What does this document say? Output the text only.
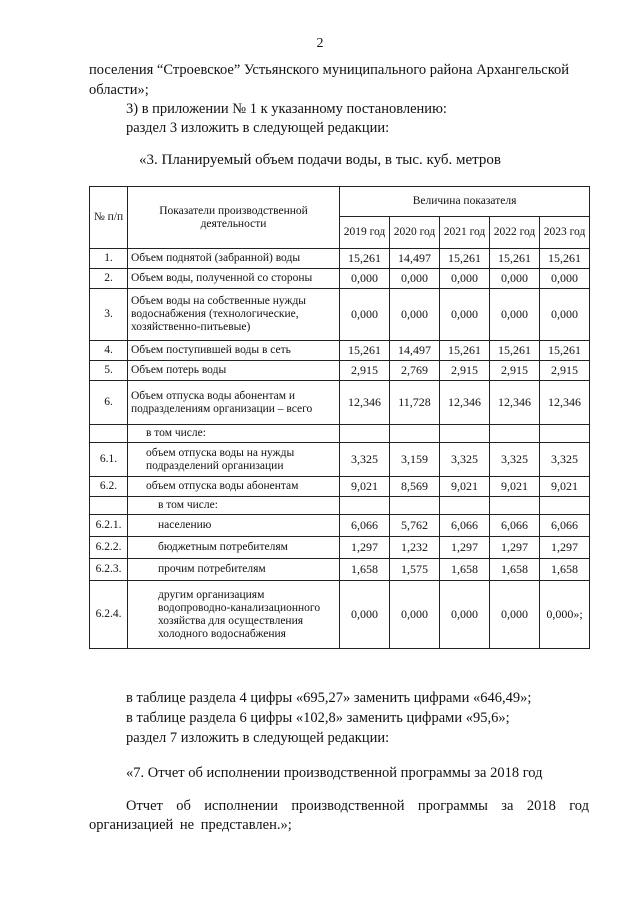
2
поселения “Строевское” Устьянского муниципального района Архангельской
области»;
3) в приложении № 1 к указанному постановлению:
раздел 3 изложить в следующей редакции:
«3. Планируемый объем подачи воды, в тыс. куб. метров
№ п/п	Показатели производственной деятельности	Величина показателя				
		2019 год	2020 год	2021 год	2022 год	2023 год
1.	Объем поднятой (забранной) воды	15,261	14,497	15,261	15,261	15,261
2.	Объем воды, полученной со стороны	0,000	0,000	0,000	0,000	0,000
3.	Объем воды на собственные нужды водоснабжения (технологические, хозяйственно-питьевые)	0,000	0,000	0,000	0,000	0,000
4.	Объем поступившей воды в сеть	15,261	14,497	15,261	15,261	15,261
5.	Объем потерь воды	2,915	2,769	2,915	2,915	2,915
6.	Объем отпуска воды абонентам и подразделениям организации – всего	12,346	11,728	12,346	12,346	12,346
	в том числе:					
6.1.	объем отпуска воды на нужды подразделений организации	3,325	3,159	3,325	3,325	3,325
6.2.	объем отпуска воды абонентам	9,021	8,569	9,021	9,021	9,021
	в том числе:					
6.2.1.	населению	6,066	5,762	6,066	6,066	6,066
6.2.2.	бюджетным потребителям	1,297	1,232	1,297	1,297	1,297
6.2.3.	прочим потребителям	1,658	1,575	1,658	1,658	1,658
6.2.4.	другим организациям водопроводно-канализационного хозяйства для осуществления холодного водоснабжения	0,000	0,000	0,000	0,000	0,000»;
в таблице раздела 4 цифры «695,27» заменить цифрами «646,49»;
в таблице раздела 6 цифры «102,8» заменить цифрами «95,6»;
раздел 7 изложить в следующей редакции:
«7. Отчет об исполнении производственной программы за 2018 год
Отчет об исполнении производственной программы за 2018 год организацией не представлен.»;
